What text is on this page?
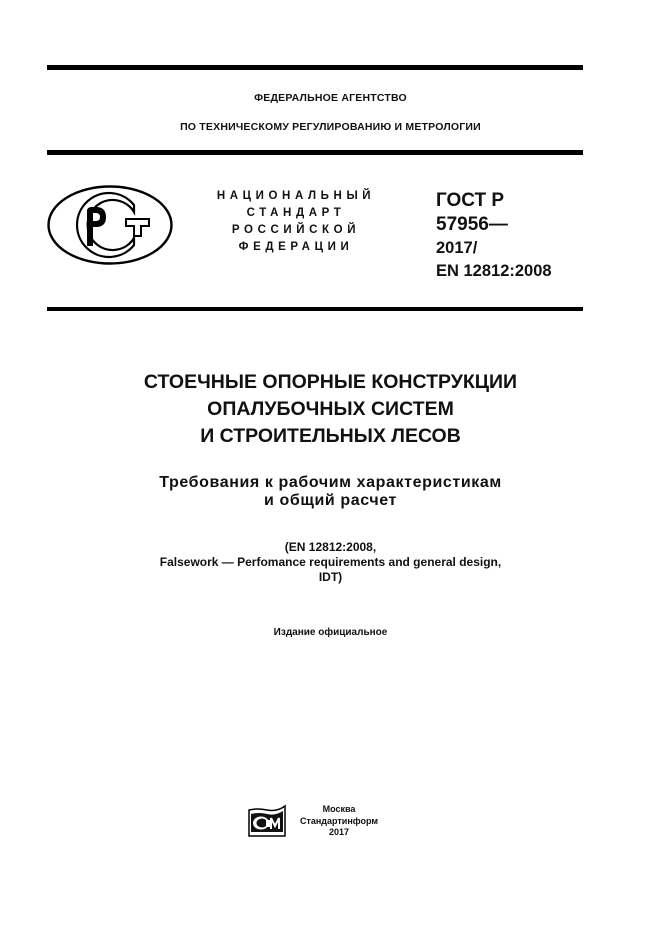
ФЕДЕРАЛЬНОЕ АГЕНТСТВО
ПО ТЕХНИЧЕСКОМУ РЕГУЛИРОВАНИЮ И МЕТРОЛОГИИ
НАЦИОНАЛЬНЫЙ
СТАНДАРТ
РОССИЙСКОЙ
ФЕДЕРАЦИИ
ГОСТ Р
57956—
2017/
EN 12812:2008
СТОЕЧНЫЕ ОПОРНЫЕ КОНСТРУКЦИИ
ОПАЛУБОЧНЫХ СИСТЕМ
И СТРОИТЕЛЬНЫХ ЛЕСОВ
Требования к рабочим характеристикам
и общий расчет
(EN 12812:2008,
Falsework — Perfomance requirements and general design,
IDT)
Издание официальное
Москва
Стандартинформ
2017
